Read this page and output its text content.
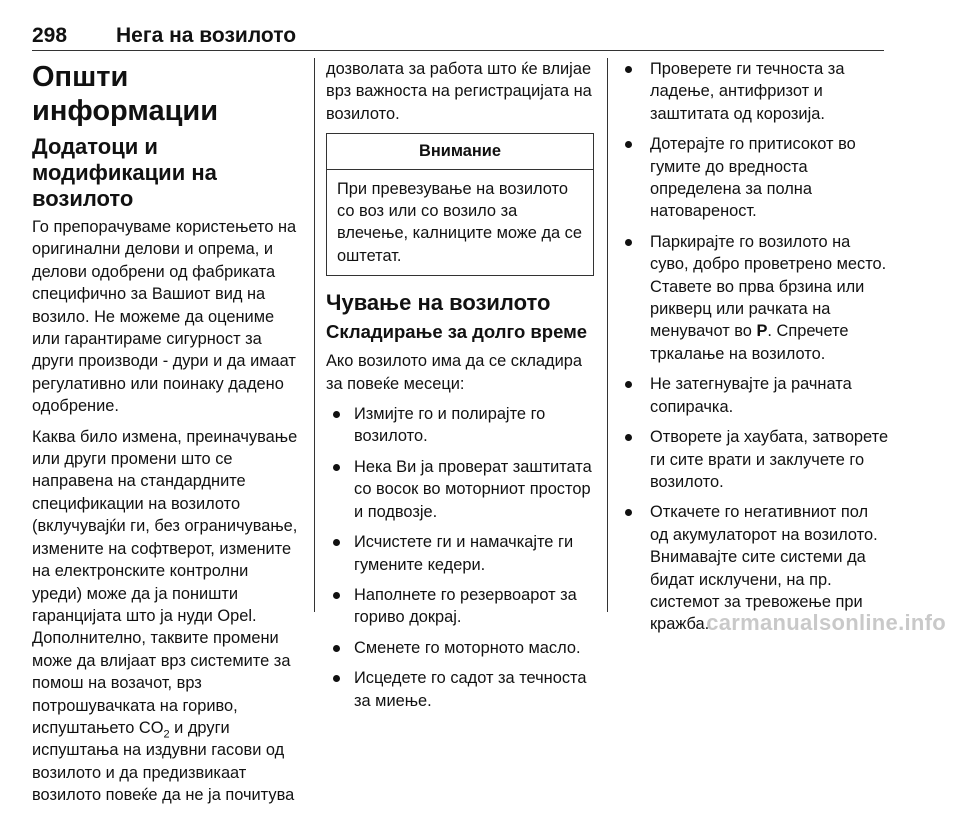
298 Нега на возилото
Општи информации
Додатоци и модификации на возилото

Го препорачуваме користењето на оригинални делови и опрема, и делови одобрени од фабриката специфично за Вашиот вид на возило. Не можеме да оцениме или гарантираме сигурност за други производи - дури и да имаат регулативно или поинаку дадено одобрение.

Каква било измена, преиначување или други промени што се направена на стандардните спецификации на возилото (вклучувајќи ги, без ограничување, измените на софтверот, измените на електронските контролни уреди) може да ја поништи гаранцијата што ја нуди Opel. Дополнително, таквите промени може да влијаат врз системите за помош на возачот, врз потрошувачката на гориво, испуштањето $CO_2$ и други испуштања на издувни гасови од возилото и да предизвикаат возилото повеќе да не ја почитува

дозволата за работа што ќе влијае врз важноста на регистрацијата на возилото.

Внимание
При превезување на возилото со воз или со возило за влечење, калниците може да се оштетат.
Чување на возилото
Складирање за долго време

Ако возилото има да се складира за повеќе месеци:

Измијте го и полирајте го возилото.
Нека Ви ја проверат заштитата со восок во моторниот простор и подвозје.
Исчистете ги и намачкајте ги гумените кедери.
Наполнете го резервоарот за гориво докрај.
Сменете го моторното масло.
Исцедете го садот за течноста за миење.
Проверете ги течноста за ладење, антифризот и заштитата од корозија.
Дотерајте го притисокот во гумите до вредноста определена за полна натовареност.
Паркирајте го возилото на суво, добро проветрено место. Ставете во прва брзина или рикверц или рачката на менувачот во P. Спречете тркалање на возилото.
Не затегнувајте ја рачната сопирачка.
Отворете ја хаубата, затворете ги сите врати и заклучете го возилото.
Откачете го негативниот пол од акумулаторот на возилото. Внимавајте сите системи да бидат исклучени, на пр. системот за тревожење при кражба.
carmanualsonline.info
